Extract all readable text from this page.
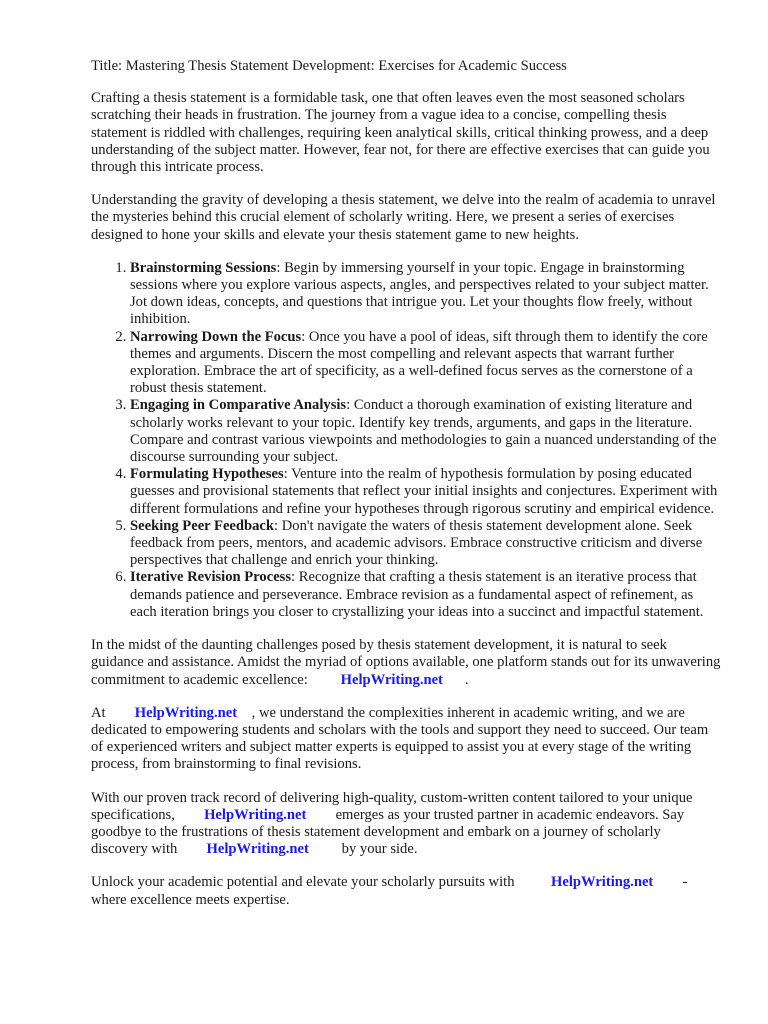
Title: Mastering Thesis Statement Development: Exercises for Academic Success

Crafting a thesis statement is a formidable task, one that often leaves even the most seasoned scholars scratching their heads in frustration. The journey from a vague idea to a concise, compelling thesis statement is riddled with challenges, requiring keen analytical skills, critical thinking prowess, and a deep understanding of the subject matter. However, fear not, for there are effective exercises that can guide you through this intricate process.

Understanding the gravity of developing a thesis statement, we delve into the realm of academia to unravel the mysteries behind this crucial element of scholarly writing. Here, we present a series of exercises designed to hone your skills and elevate your thesis statement game to new heights.

1. Brainstorming Sessions: Begin by immersing yourself in your topic. Engage in brainstorming sessions where you explore various aspects, angles, and perspectives related to your subject matter. Jot down ideas, concepts, and questions that intrigue you. Let your thoughts flow freely, without inhibition.
2. Narrowing Down the Focus: Once you have a pool of ideas, sift through them to identify the core themes and arguments. Discern the most compelling and relevant aspects that warrant further exploration. Embrace the art of specificity, as a well-defined focus serves as the cornerstone of a robust thesis statement.
3. Engaging in Comparative Analysis: Conduct a thorough examination of existing literature and scholarly works relevant to your topic. Identify key trends, arguments, and gaps in the literature. Compare and contrast various viewpoints and methodologies to gain a nuanced understanding of the discourse surrounding your subject.
4. Formulating Hypotheses: Venture into the realm of hypothesis formulation by posing educated guesses and provisional statements that reflect your initial insights and conjectures. Experiment with different formulations and refine your hypotheses through rigorous scrutiny and empirical evidence.
5. Seeking Peer Feedback: Don't navigate the waters of thesis statement development alone. Seek feedback from peers, mentors, and academic advisors. Embrace constructive criticism and diverse perspectives that challenge and enrich your thinking.
6. Iterative Revision Process: Recognize that crafting a thesis statement is an iterative process that demands patience and perseverance. Embrace revision as a fundamental aspect of refinement, as each iteration brings you closer to crystallizing your ideas into a succinct and impactful statement.

In the midst of the daunting challenges posed by thesis statement development, it is natural to seek guidance and assistance. Amidst the myriad of options available, one platform stands out for its unwavering commitment to academic excellence: HelpWriting.net .

At HelpWriting.net , we understand the complexities inherent in academic writing, and we are dedicated to empowering students and scholars with the tools and support they need to succeed. Our team of experienced writers and subject matter experts is equipped to assist you at every stage of the writing process, from brainstorming to final revisions.

With our proven track record of delivering high-quality, custom-written content tailored to your unique specifications, HelpWriting.net emerges as your trusted partner in academic endeavors. Say goodbye to the frustrations of thesis statement development and embark on a journey of scholarly discovery with HelpWriting.net by your side.

Unlock your academic potential and elevate your scholarly pursuits with HelpWriting.net - where excellence meets expertise.
